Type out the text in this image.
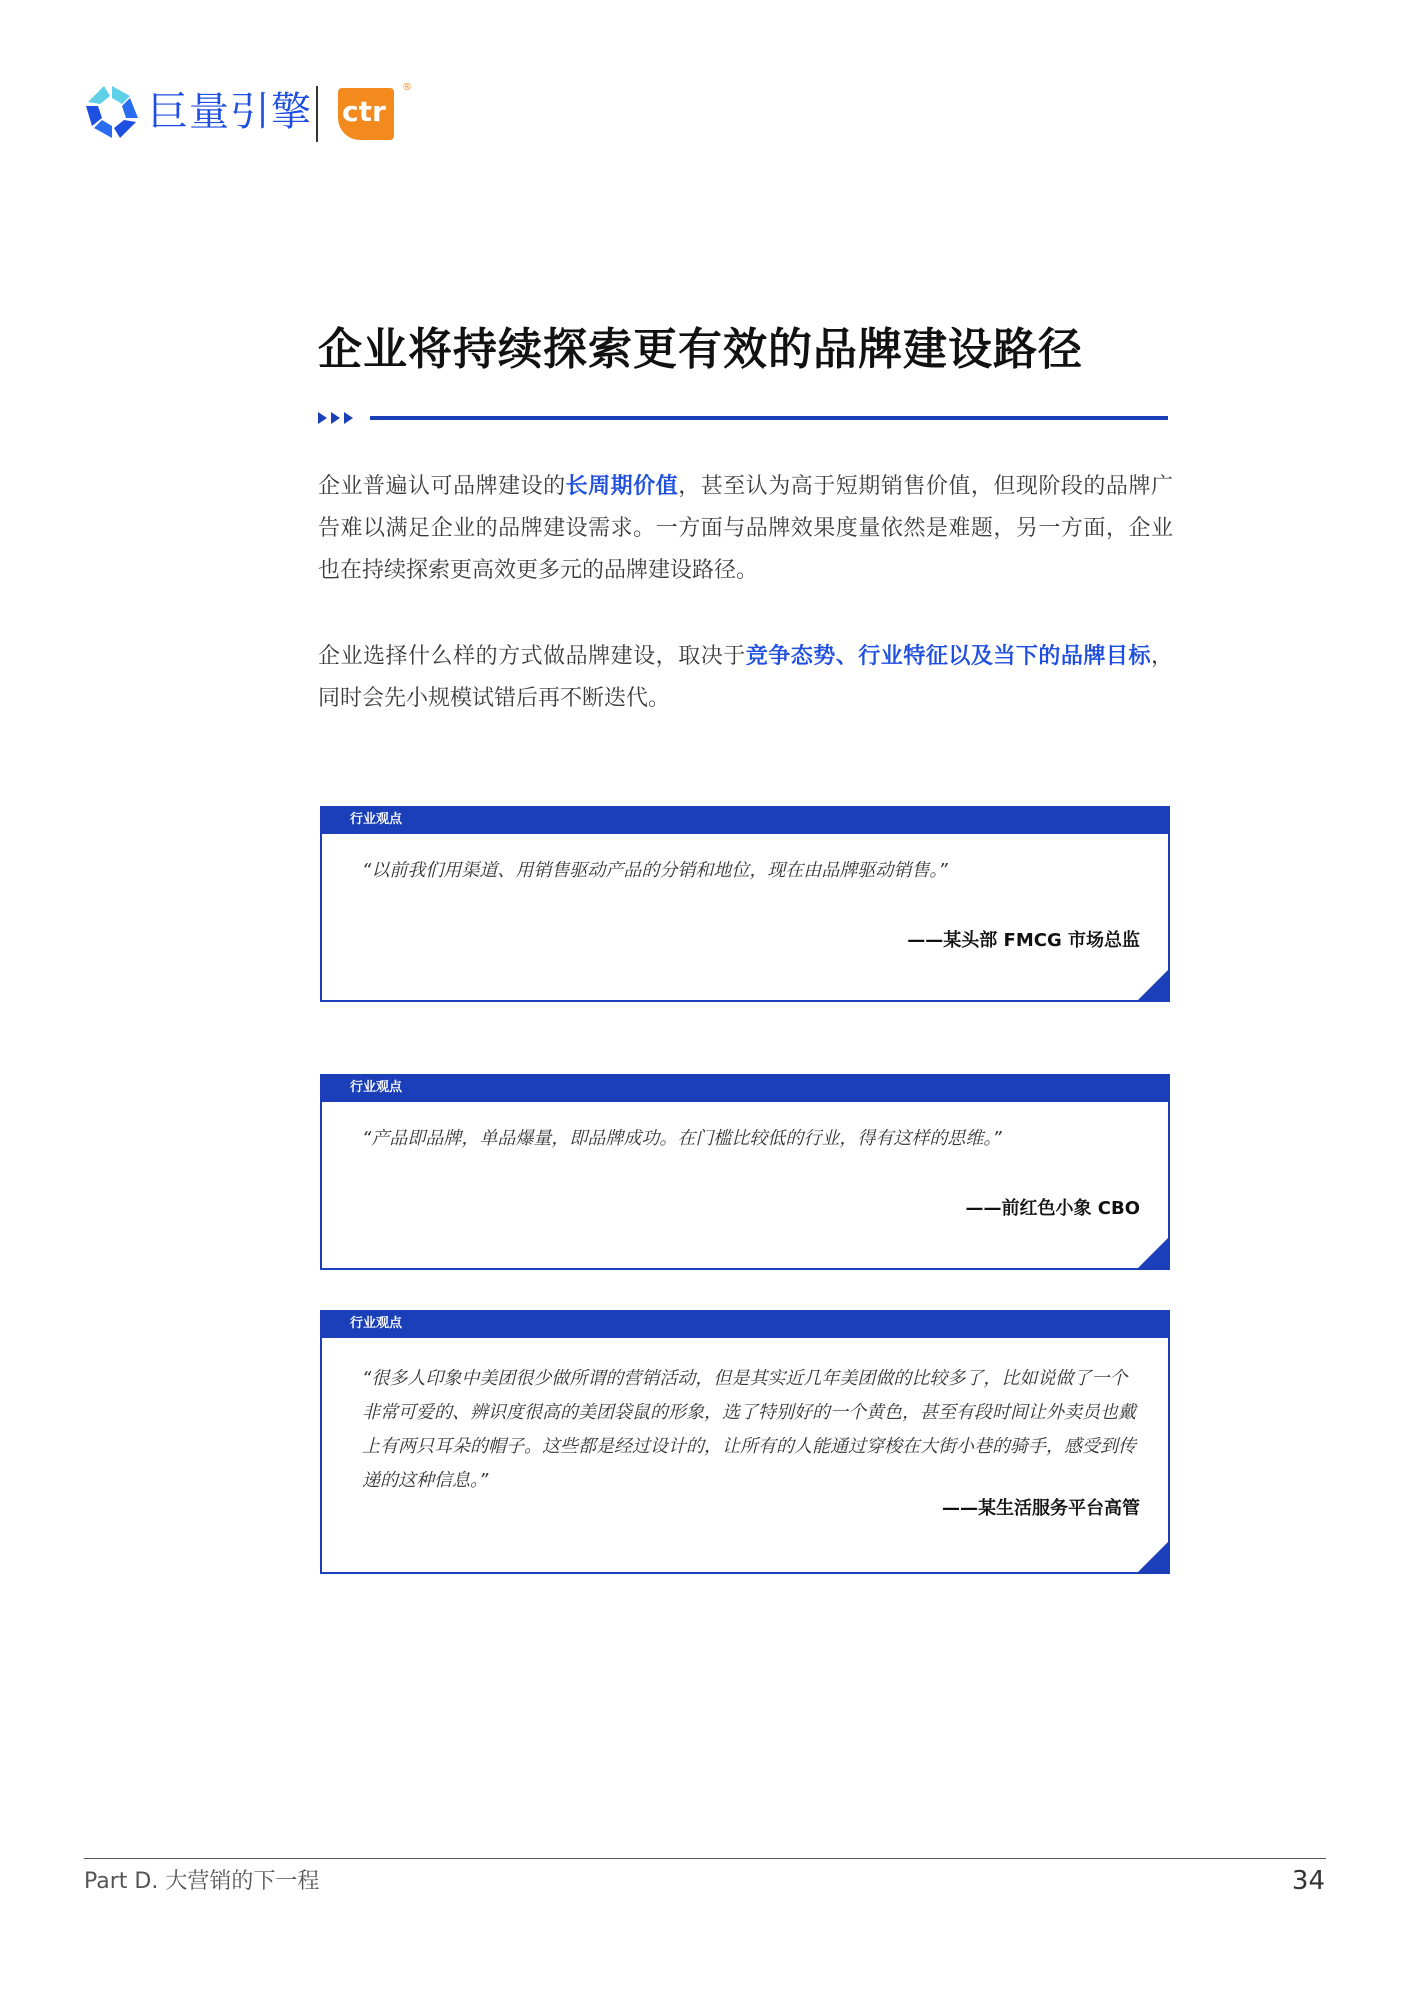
巨量引擎 ctr
®
企业将持续探索更有效的品牌建设路径

企业普遍认可品牌建设的长周期价值，甚至认为高于短期销售价值，但现阶段的品牌广告难以满足企业的品牌建设需求。一方面与品牌效果度量依然是难题，另一方面，企业也在持续探索更高效更多元的品牌建设路径。

企业选择什么样的方式做品牌建设，取决于竞争态势、行业特征以及当下的品牌目标，同时会先小规模试错后再不断迭代。

行业观点

“以前我们用渠道、用销售驱动产品的分销和地位，现在由品牌驱动销售。”

——某头部 FMCG 市场总监

行业观点

“产品即品牌，单品爆量，即品牌成功。在门槛比较低的行业，得有这样的思维。”

——前红色小象 CBO

行业观点

“很多人印象中美团很少做所谓的营销活动，但是其实近几年美团做的比较多了，比如说做了一个非常可爱的、辨识度很高的美团袋鼠的形象，选了特别好的一个黄色，甚至有段时间让外卖员也戴上有两只耳朵的帽子。这些都是经过设计的，让所有的人能通过穿梭在大街小巷的骑手，感受到传递的这种信息。”

——某生活服务平台高管

Part D. 大营销的下一程	34
